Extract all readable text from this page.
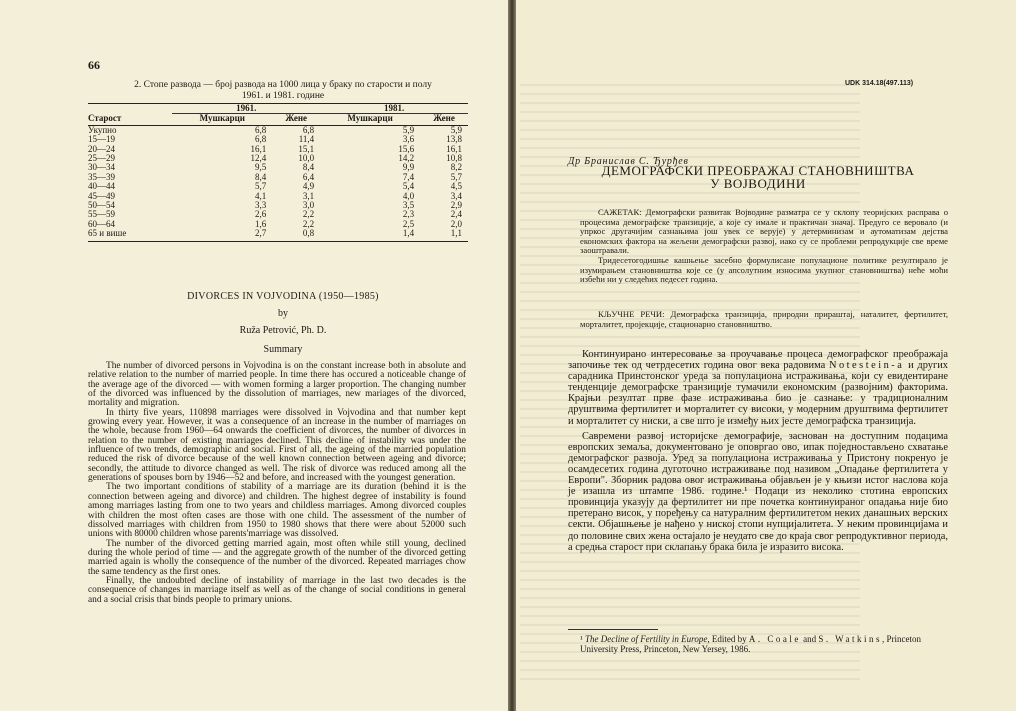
66
2. Стопе развода — број развода на 1000 лица у браку по старости и полу
1961. и 1981. године
	1961.		1981.	
Старост	Мушкарци	Жене	Мушкарци	Жене
Укупно	6,8	6,8	5,9	5,9
15—19	6,8	11,4	3,6	13,8
20—24	16,1	15,1	15,6	16,1
25—29	12,4	10,0	14,2	10,8
30—34	9,5	8,4	9,9	8,2
35—39	8,4	6,4	7,4	5,7
40—44	5,7	4,9	5,4	4,5
45—49	4,1	3,1	4,0	3,4
50—54	3,3	3,0	3,5	2,9
55—59	2,6	2,2	2,3	2,4
60—64	1,6	2,2	2,5	2,0
65 и више	2,7	0,8	1,4	1,1
DIVORCES IN VOJVODINA (1950—1985)
by
Ruža Petrović, Ph. D.
Summary

The number of divorced persons in Vojvodina is on the constant increase both in absolute and relative relation to the number of married people. In time there has occured a noticeable change of the average age of the divorced — with women forming a larger proportion. The changing number of the divorced was influenced by the dissolution of marriages, new mariages of the divorced, mortality and migration.

In thirty five years, 110898 marriages were dissolved in Vojvodina and that number kept growing every year. However, it was a consequence of an increase in the number of marriages on the whole, because from 1960—64 onwards the coefficient of divorces, the number of divorces in relation to the number of existing marriages declined. This decline of instability was under the influence of two trends, demographic and social. First of all, the ageing of the married population reduced the risk of divorce because of the well known connection between ageing and divorce; secondly, the attitude to divorce changed as well. The risk of divorce was reduced among all the generations of spouses born by 1946—52 and before, and increased with the youngest generation.

The two important conditions of stability of a marriage are its duration (behind it is the connection between ageing and divorce) and children. The highest degree of instability is found among marriages lasting from one to two years and childless marriages. Among divorced couples with children the most often cases are those with one child. The assessment of the number of dissolved marriages with children from 1950 to 1980 shows that there were about 52000 such unions with 80000 children whose parents'marriage was dissolved.

The number of the divorced getting married again, most often while still young, declined during the whole period of time — and the aggregate growth of the number of the divorced getting married again is wholly the consequence of the number of the divorced. Repeated marriages chow the same tendency as the first ones.

Finally, the undoubted decline of instability of marriage in the last two decades is the consequence of changes in marriage itself as well as of the change of social conditions in general and a social crisis that binds people to primary unions.

UDK 314.18(497.113)
Др Бранислав С. Ђурђев
ДЕМОГРАФСКИ ПРЕОБРАЖАЈ СТАНОВНИШТВА
У ВОЈВОДИНИ

САЖЕТАК: Демографски развитак Војводине разматра се у склопу теоријских расправа о процесима демографске транзиције, а које су имале и практичан значај. Предуго се веровало (и упркос другачијим сазнањима још увек се верује) у детерминизам и аутоматизам дејства економских фактора на жељени демографски развој, иако су се проблеми репродукције све време заоштравали.

Тридесетогодишње кашњење засебно формулисане популационе политике резултирало је изумирањем становништва које се (у апсолутним износима укупног становништва) неће моћи избећи ни у следећих педесет година.

КЉУЧНЕ РЕЧИ: Демографска транзиција, природни прираштај, наталитет, фертилитет, морталитет, пројекције, стационарно становништво.

Континуирано интересовање за проучавање процеса демографског преображаја започиње тек од четрдесетих година овог века радовима Notestein-a и других сарадника Принстонског уреда за популациона истраживања, који су евидентиране тенденције демографске транзиције тумачили економским (развојним) факторима. Крајњи резултат прве фазе истраживања био је сазнање: у традиционалним друштвима фертилитет и морталитет су високи, у модерним друштвима фертилитет и морталитет су ниски, а све што је између њих јесте демографска транзиција.

Савремени развој историјске демографије, заснован на доступним подацима европских земаља, документовано је оповргао ово, ипак поједностављено схватање демографског развоја. Уред за популациона истраживања у Пристону покренуо је осамдесетих година дуготочно истраживање под називом „Опадање фертилитета у Европи". Зборник радова овог истраживања објављен је у књизи истог наслова која је изашла из штампе 1986. године.¹ Подаци из неколико стотина европских провинција указују да фертилитет ни пре почетка континуираног опадања није био претерано висок, у поређењу са натуралним фертилитетом неких данашњих верских секти. Објашњење је нађено у ниској стопи нупцијалитета. У неким провинцијама и до половине свих жена остајало је неудато све до краја свог репродуктивног периода, а средња старост при склапању брака била је изразито висока.

¹ The Decline of Fertility in Europe, Edited by A. Coale and S. Watkins, Princeton University Press, Princeton, New Yersey, 1986.
